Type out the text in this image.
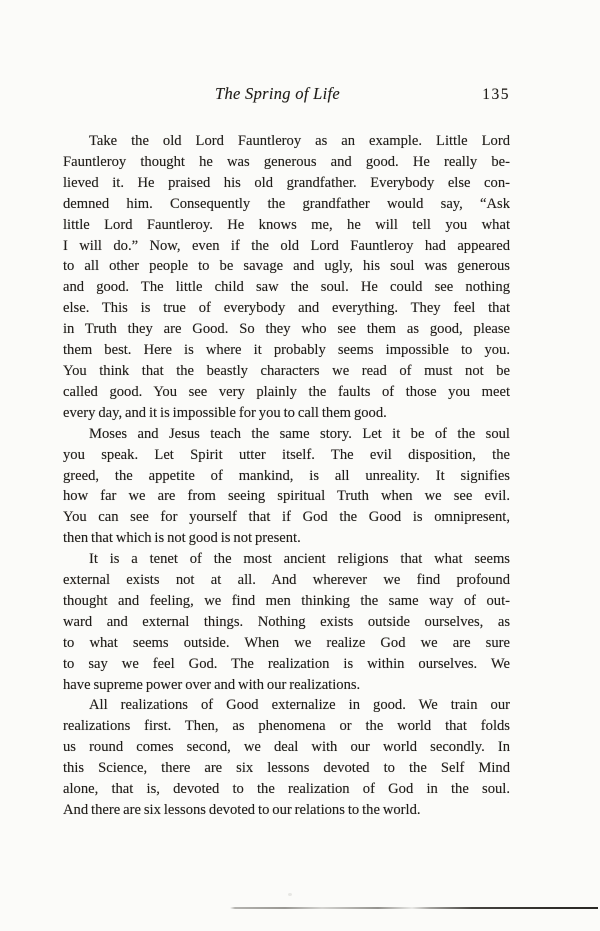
The Spring of Life	135
Take the old Lord Fauntleroy as an example. Little Lord
Fauntleroy thought he was generous and good. He really be-
lieved it. He praised his old grandfather. Everybody else con-
demned him. Consequently the grandfather would say, “Ask
little Lord Fauntleroy. He knows me, he will tell you what
I will do.” Now, even if the old Lord Fauntleroy had appeared
to all other people to be savage and ugly, his soul was generous
and good. The little child saw the soul. He could see nothing
else. This is true of everybody and everything. They feel that
in Truth they are Good. So they who see them as good, please
them best. Here is where it probably seems impossible to you.
You think that the beastly characters we read of must not be
called good. You see very plainly the faults of those you meet
every day, and it is impossible for you to call them good.
Moses and Jesus teach the same story. Let it be of the soul
you speak. Let Spirit utter itself. The evil disposition, the
greed, the appetite of mankind, is all unreality. It signifies
how far we are from seeing spiritual Truth when we see evil.
You can see for yourself that if God the Good is omnipresent,
then that which is not good is not present.
It is a tenet of the most ancient religions that what seems
external exists not at all. And wherever we find profound
thought and feeling, we find men thinking the same way of out-
ward and external things. Nothing exists outside ourselves, as
to what seems outside. When we realize God we are sure
to say we feel God. The realization is within ourselves. We
have supreme power over and with our realizations.
All realizations of Good externalize in good. We train our
realizations first. Then, as phenomena or the world that folds
us round comes second, we deal with our world secondly. In
this Science, there are six lessons devoted to the Self Mind
alone, that is, devoted to the realization of God in the soul.
And there are six lessons devoted to our relations to the world.
